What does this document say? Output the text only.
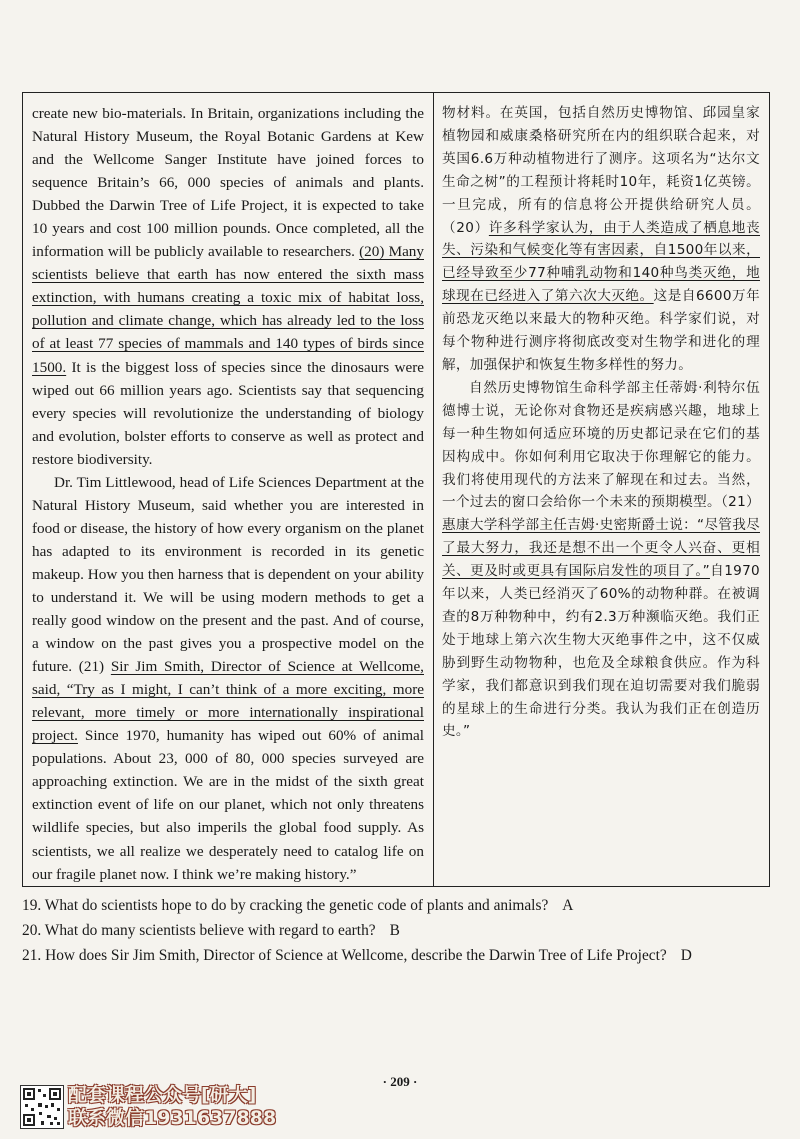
create new bio-materials. In Britain, organizations including the Natural History Museum, the Royal Botanic Gardens at Kew and the Wellcome Sanger Institute have joined forces to sequence Britain’s 66, 000 species of animals and plants. Dubbed the Darwin Tree of Life Project, it is expected to take 10 years and cost 100 million pounds. Once completed, all the information will be publicly available to researchers. (20) Many scientists believe that earth has now entered the sixth mass extinction, with humans creating a toxic mix of habitat loss, pollution and climate change, which has already led to the loss of at least 77 species of mammals and 140 types of birds since 1500. It is the biggest loss of species since the dinosaurs were wiped out 66 million years ago. Scientists say that sequencing every species will revolutionize the understanding of biology and evolution, bolster efforts to conserve as well as protect and restore biodiversity.

Dr. Tim Littlewood, head of Life Sciences Department at the Natural History Museum, said whether you are interested in food or disease, the history of how every organism on the planet has adapted to its environment is recorded in its genetic makeup. How you then harness that is dependent on your ability to understand it. We will be using modern methods to get a really good window on the present and the past. And of course, a window on the past gives you a prospective model on the future. (21) Sir Jim Smith, Director of Science at Wellcome, said, “Try as I might, I can’t think of a more exciting, more relevant, more timely or more internationally inspirational project. Since 1970, humanity has wiped out 60% of animal populations. About 23, 000 of 80, 000 species surveyed are approaching extinction. We are in the midst of the sixth great extinction event of life on our planet, which not only threatens wildlife species, but also imperils the global food supply. As scientists, we all realize we desperately need to catalog life on our fragile planet now. I think we’re making history.”

物材料。在英国，包括自然历史博物馆、邱园皇家植物园和威康桑格研究所在内的组织联合起来，对英国6.6万种动植物进行了测序。这项名为“达尔文生命之树”的工程预计将耗时10年，耗资1亿英镑。一旦完成，所有的信息将公开提供给研究人员。（20）许多科学家认为，由于人类造成了栖息地丧失、污染和气候变化等有害因素，自1500年以来，已经导致至少77种哺乳动物和140种鸟类灭绝，地球现在已经进入了第六次大灭绝。这是自6600万年前恐龙灭绝以来最大的物种灭绝。科学家们说，对每个物种进行测序将彻底改变对生物学和进化的理解，加强保护和恢复生物多样性的努力。

自然历史博物馆生命科学部主任蒂姆·利特尔伍德博士说，无论你对食物还是疾病感兴趣，地球上每一种生物如何适应环境的历史都记录在它们的基因构成中。你如何利用它取决于你理解它的能力。我们将使用现代的方法来了解现在和过去。当然，一个过去的窗口会给你一个未来的预期模型。（21）惠康大学科学部主任吉姆·史密斯爵士说：“尽管我尽了最大努力，我还是想不出一个更令人兴奋、更相关、更及时或更具有国际启发性的项目了。”自1970年以来，人类已经消灭了60%的动物种群。在被调查的8万种物种中，约有2.3万种濒临灭绝。我们正处于地球上第六次生物大灭绝事件之中，这不仅威胁到野生动物物种，也危及全球粮食供应。作为科学家，我们都意识到我们现在迫切需要对我们脆弱的星球上的生命进行分类。我认为我们正在创造历史。”

19. What do scientists hope to do by cracking the genetic code of plants and animals? A
20. What do many scientists believe with regard to earth? B
21. How does Sir Jim Smith, Director of Science at Wellcome, describe the Darwin Tree of Life Project? D
· 209 ·
配套课程公众号[研大]
联系微信1931637888
